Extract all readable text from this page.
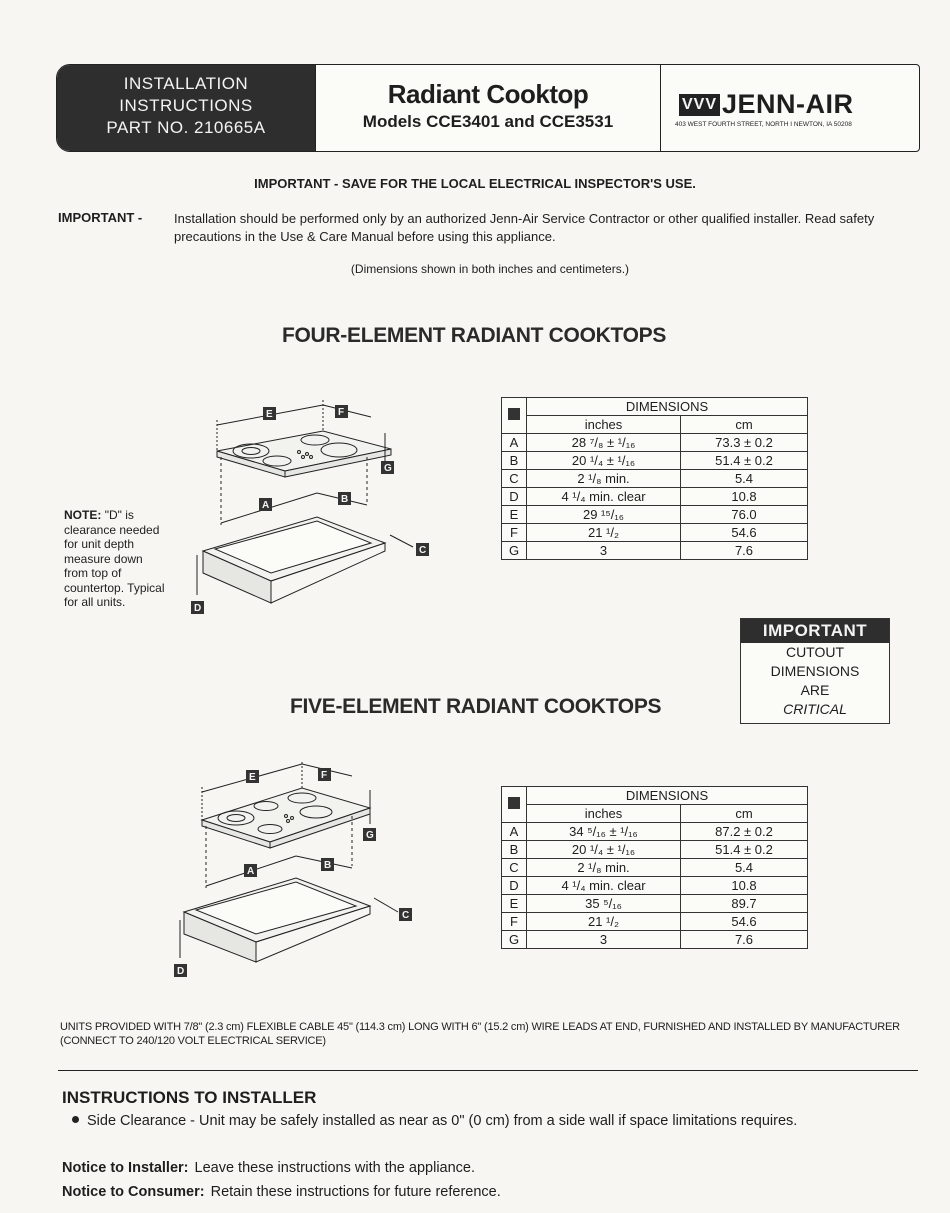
INSTALLATION
INSTRUCTIONS
PART NO. 210665A
Radiant Cooktop
Models CCE3401 and CCE3531
VVV JENN-AIR
403 WEST FOURTH STREET, NORTH I NEWTON, IA 50208
IMPORTANT - SAVE FOR THE LOCAL ELECTRICAL INSPECTOR'S USE.
IMPORTANT - Installation should be performed only by an authorized Jenn-Air Service Contractor or other qualified installer. Read safety precautions in the Use & Care Manual before using this appliance.
(Dimensions shown in both inches and centimeters.)
FOUR-ELEMENT RADIANT COOKTOPS
E	F
G
A
B
C
D
	DIMENSIONS	
	inches	cm
A	28 ⁷/₈ ± ¹/₁₆	73.3 ± 0.2
B	20 ¹/₄ ± ¹/₁₆	51.4 ± 0.2
C	2 ¹/₈ min.	5.4
D	4 ¹/₄ min. clear	10.8
E	29 ¹⁵/₁₆	76.0
F	21 ¹/₂	54.6
G	3	7.6
NOTE: "D" is clearance needed for unit depth measure down from top of countertop. Typical for all units.
IMPORTANT
CUTOUT
DIMENSIONS
ARE
CRITICAL
FIVE-ELEMENT RADIANT COOKTOPS
E	F
G
A
B
C
D
	DIMENSIONS	
	inches	cm
A	34 ⁵/₁₆ ± ¹/₁₆	87.2 ± 0.2
B	20 ¹/₄ ± ¹/₁₆	51.4 ± 0.2
C	2 ¹/₈ min.	5.4
D	4 ¹/₄ min. clear	10.8
E	35 ⁵/₁₆	89.7
F	21 ¹/₂	54.6
G	3	7.6
UNITS PROVIDED WITH 7/8" (2.3 cm) FLEXIBLE CABLE 45" (114.3 cm) LONG WITH 6" (15.2 cm) WIRE LEADS AT END, FURNISHED AND INSTALLED BY MANUFACTURER (CONNECT TO 240/120 VOLT ELECTRICAL SERVICE)
INSTRUCTIONS TO INSTALLER
Side Clearance - Unit may be safely installed as near as 0" (0 cm) from a side wall if space limitations requires.
Notice to Installer: Leave these instructions with the appliance.
Notice to Consumer: Retain these instructions for future reference.
